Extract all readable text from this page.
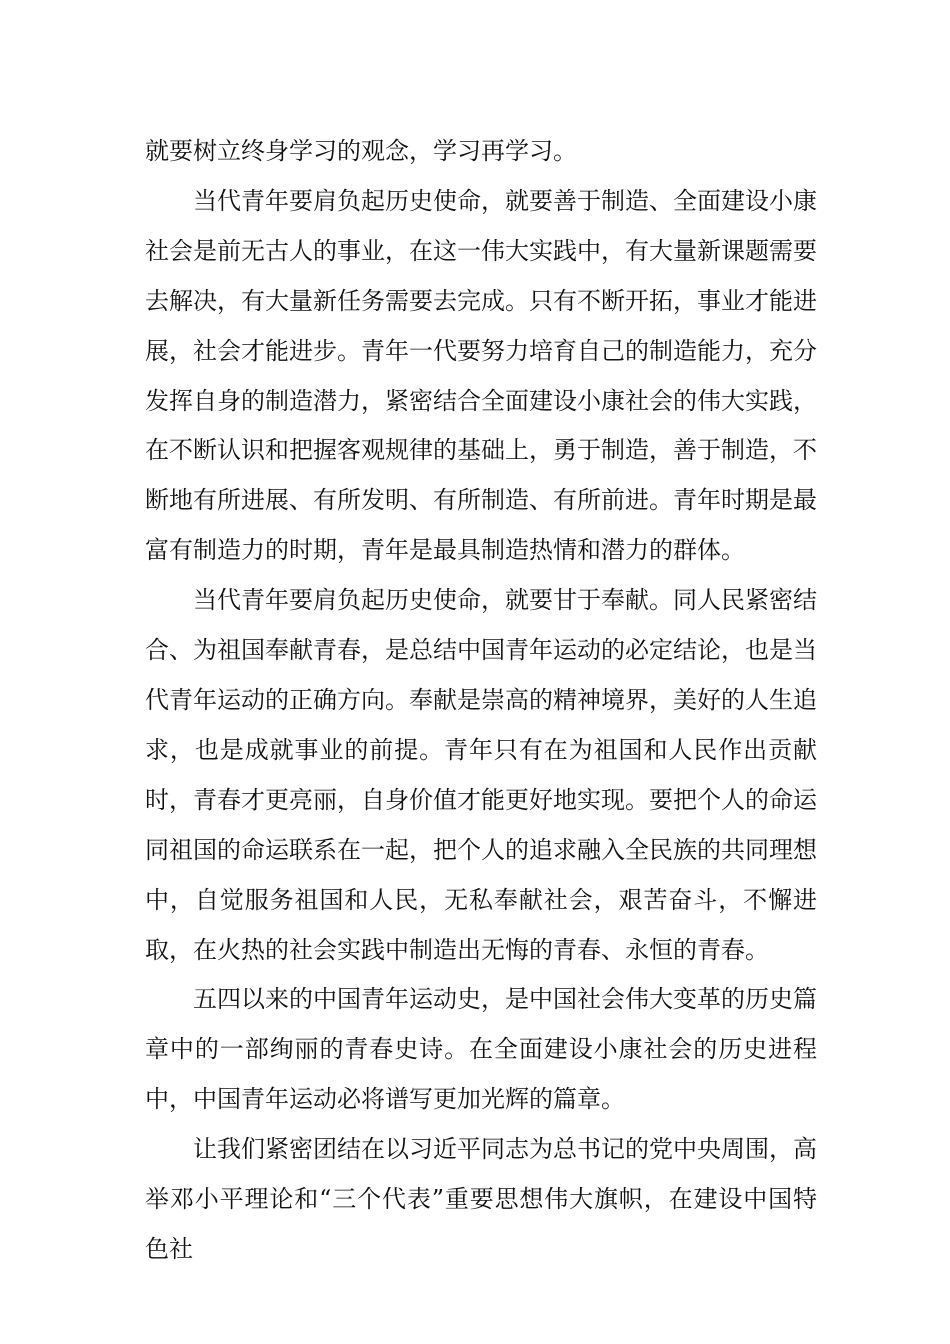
就要树立终身学习的观念，学习再学习。

当代青年要肩负起历史使命，就要善于制造、全面建设小康社会是前无古人的事业，在这一伟大实践中，有大量新课题需要去解决，有大量新任务需要去完成。只有不断开拓，事业才能进展，社会才能进步。青年一代要努力培育自己的制造能力，充分发挥自身的制造潜力，紧密结合全面建设小康社会的伟大实践，在不断认识和把握客观规律的基础上，勇于制造，善于制造，不断地有所进展、有所发明、有所制造、有所前进。青年时期是最富有制造力的时期，青年是最具制造热情和潜力的群体。

当代青年要肩负起历史使命，就要甘于奉献。同人民紧密结合、为祖国奉献青春，是总结中国青年运动的必定结论，也是当代青年运动的正确方向。奉献是崇高的精神境界，美好的人生追求，也是成就事业的前提。青年只有在为祖国和人民作出贡献时，青春才更亮丽，自身价值才能更好地实现。要把个人的命运同祖国的命运联系在一起，把个人的追求融入全民族的共同理想中，自觉服务祖国和人民，无私奉献社会，艰苦奋斗，不懈进取，在火热的社会实践中制造出无悔的青春、永恒的青春。

五四以来的中国青年运动史，是中国社会伟大变革的历史篇章中的一部绚丽的青春史诗。在全面建设小康社会的历史进程中，中国青年运动必将谱写更加光辉的篇章。

让我们紧密团结在以习近平同志为总书记的党中央周围，高举邓小平理论和“三个代表”重要思想伟大旗帜，在建设中国特色社
